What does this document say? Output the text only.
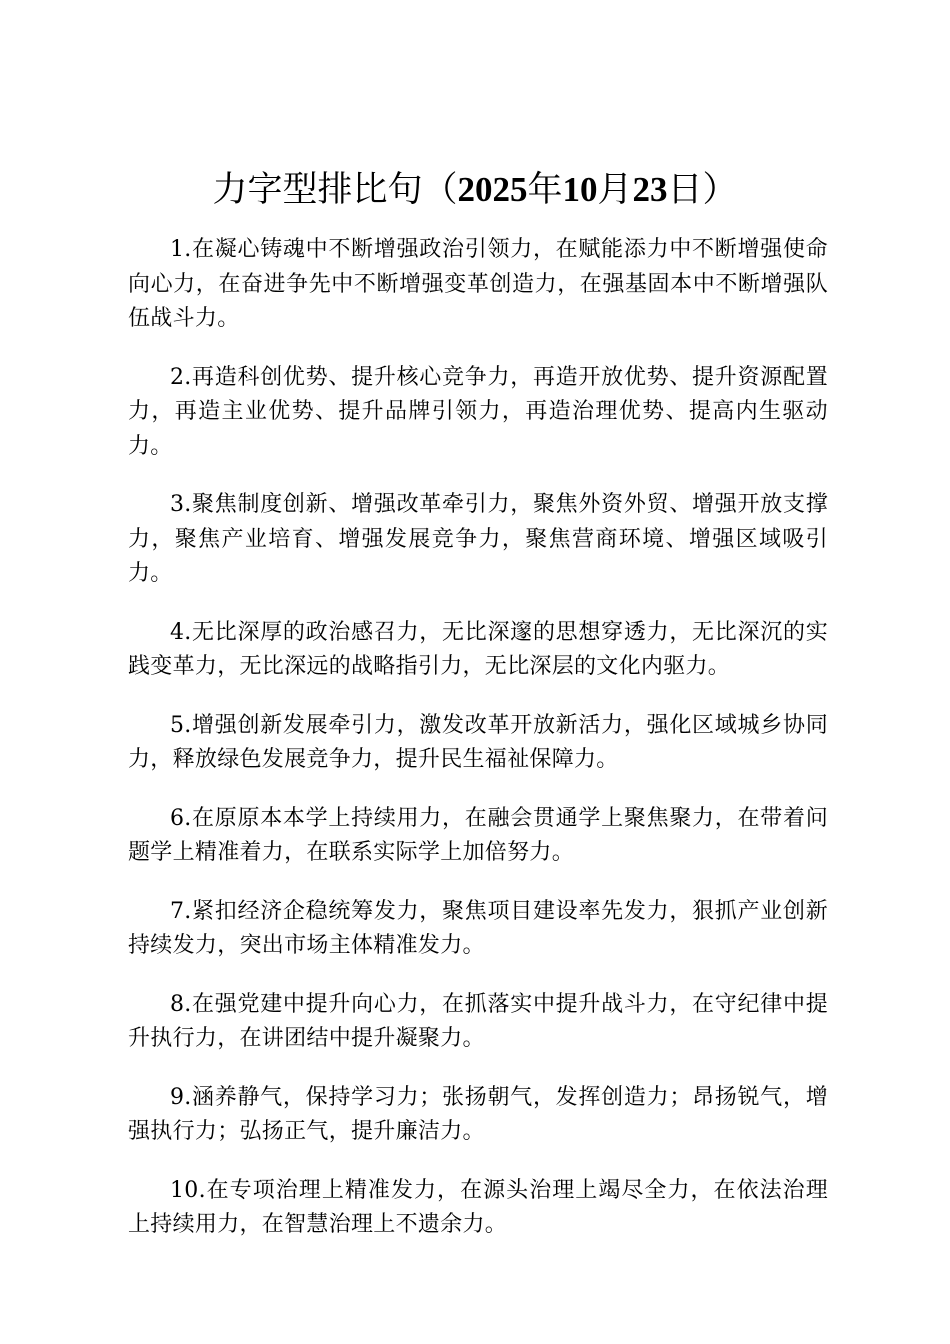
力字型排比句（2025年10月23日）

1.在凝心铸魂中不断增强政治引领力，在赋能添力中不断增强使命向心力，在奋进争先中不断增强变革创造力，在强基固本中不断增强队伍战斗力。

2.再造科创优势、提升核心竞争力，再造开放优势、提升资源配置力，再造主业优势、提升品牌引领力，再造治理优势、提高内生驱动力。

3.聚焦制度创新、增强改革牵引力，聚焦外资外贸、增强开放支撑力，聚焦产业培育、增强发展竞争力，聚焦营商环境、增强区域吸引力。

4.无比深厚的政治感召力，无比深邃的思想穿透力，无比深沉的实践变革力，无比深远的战略指引力，无比深层的文化内驱力。

5.增强创新发展牵引力，激发改革开放新活力，强化区域城乡协同力，释放绿色发展竞争力，提升民生福祉保障力。

6.在原原本本学上持续用力，在融会贯通学上聚焦聚力，在带着问题学上精准着力，在联系实际学上加倍努力。

7.紧扣经济企稳统筹发力，聚焦项目建设率先发力，狠抓产业创新持续发力，突出市场主体精准发力。

8.在强党建中提升向心力，在抓落实中提升战斗力，在守纪律中提升执行力，在讲团结中提升凝聚力。

9.涵养静气，保持学习力；张扬朝气，发挥创造力；昂扬锐气，增强执行力；弘扬正气，提升廉洁力。

10.在专项治理上精准发力，在源头治理上竭尽全力，在依法治理上持续用力，在智慧治理上不遗余力。
